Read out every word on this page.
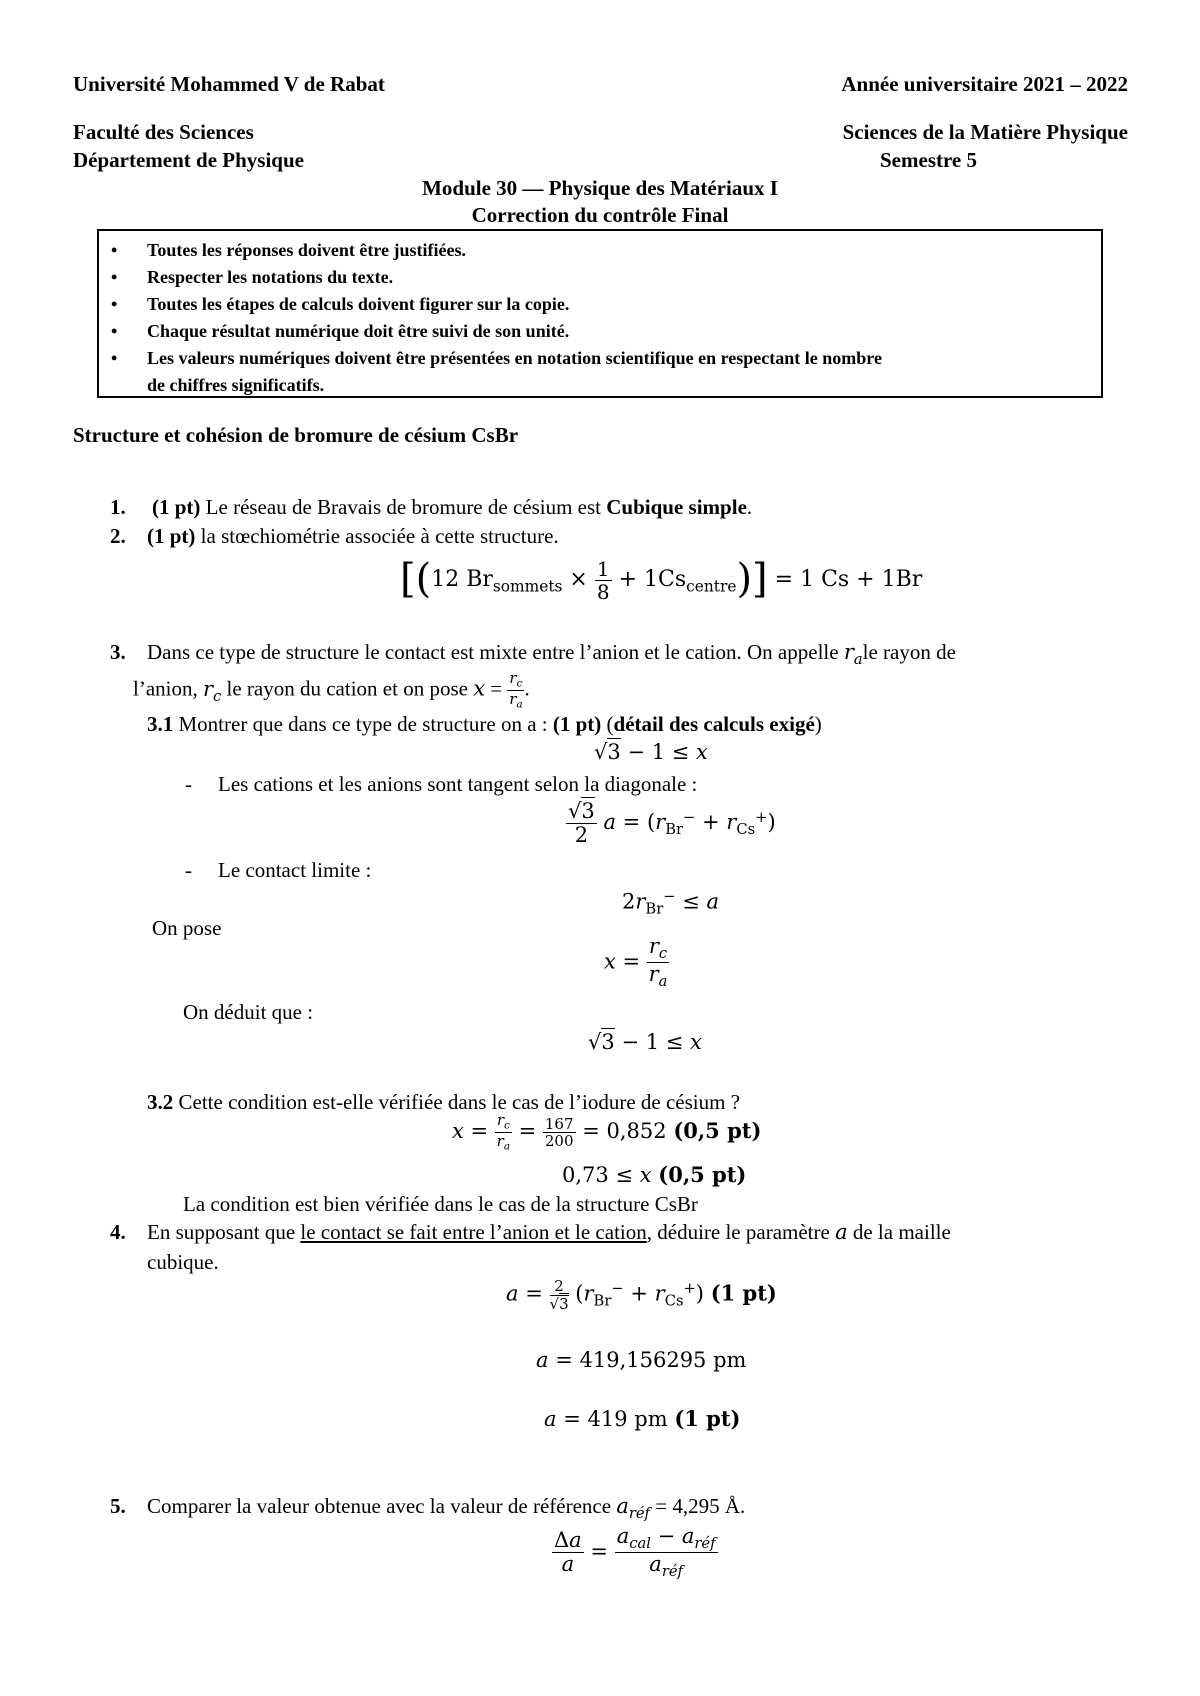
Université Mohammed V de Rabat	Année universitaire 2021 – 2022
Faculté des Sciences	Sciences de la Matière Physique
Département de Physique	Semestre 5
Module 30 — Physique des Matériaux I
Correction du contrôle Final
• Toutes les réponses doivent être justifiées.
• Respecter les notations du texte.
• Toutes les étapes de calculs doivent figurer sur la copie.
• Chaque résultat numérique doit être suivi de son unité.
• Les valeurs numériques doivent être présentées en notation scientifique en respectant le nombre
de chiffres significatifs.
Structure et cohésion de bromure de césium CsBr
1. (1 pt) Le réseau de Bravais de bromure de césium est Cubique simple.
2. (1 pt) la stœchiométrie associée à cette structure.
[(12 $Br_{sommets} \times \frac{1}{8} + 1Cs_{centre})] = 1$ Cs + 1Br
3. Dans ce type de structure le contact est mixte entre l’anion et le cation. On appelle $r_ale$ rayon de
l’anion, $r_c$ le rayon du cation et on pose $x = \frac{r_c}{r_a}$ .
3.1 Montrer que dans ce type de structure on a : (1 pt) (détail des calculs exigé)
√3 − 1 ≤ x
- Les cations et les anions sont tangent selon la diagonale :
$\frac{√3}{2}$ $a = (r_{Br}^- + r_{Cs}^+)$
- Le contact limite :
$2r_{Br}^- \le a$
On pose
$x = \frac{r_c}{r_a}$
On déduit que :
√3 − 1 ≤ x
3.2 Cette condition est-elle vérifiée dans le cas de l’iodure de césium ?
$x = \frac{r_c}{r_a} = \frac{167}{200} = 0,852$ (0,5 pt)
0,73 ≤ x (0,5 pt)
La condition est bien vérifiée dans le cas de la structure CsBr
4. En supposant que le contact se fait entre l’anion et le cation, déduire le paramètre a de la maille
cubique.
$a = \frac{2}{√3} (r_{Br}^- + r_{Cs}^+)$ (1 pt)
a = 419,156295 pm
a = 419 pm (1 pt)
5. Comparer la valeur obtenue avec la valeur de référence $a_{réf} = 4,295$ Å.
$\frac{\Delta a}{a} = \frac{a_{cal} - a_{réf}}{a_{réf}}$
